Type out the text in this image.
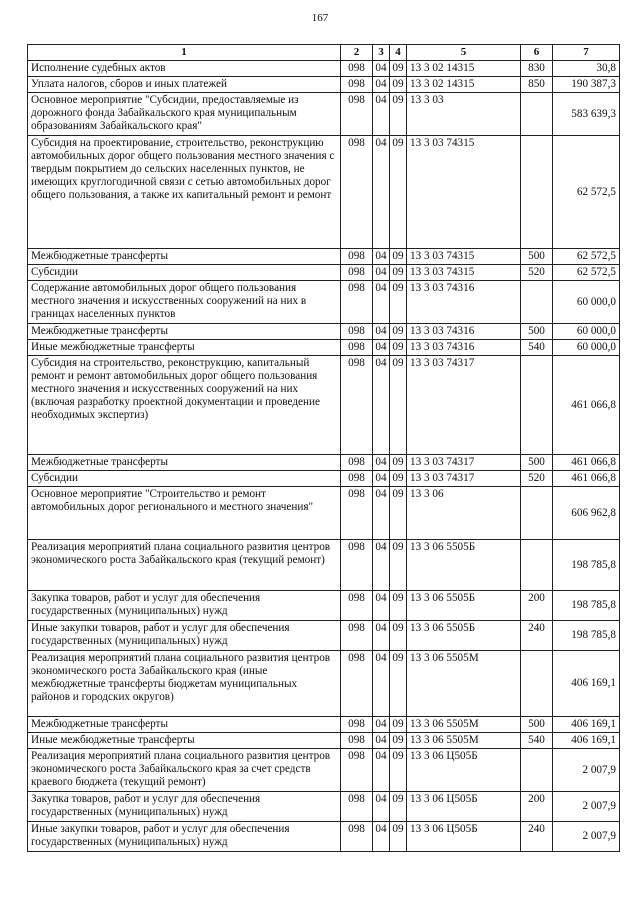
167
1	2	3	4	5	6	7
Исполнение судебных актов	098	04	09	13 3 02 14315	830	30,8
Уплата налогов, сборов и иных платежей	098	04	09	13 3 02 14315	850	190 387,3
Основное мероприятие "Субсидии, предоставляемые из дорожного фонда Забайкальского края муниципальным образованиям Забайкальского края"	098	04	09	13 3 03		583 639,3
Субсидия на проектирование, строительство, реконструкцию автомобильных дорог общего пользования местного значения с твердым покрытием до сельских населенных пунктов, не имеющих круглогодичной связи с сетью автомобильных дорог общего пользования, а также их капитальный ремонт и ремонт	098	04	09	13 3 03 74315		62 572,5
Межбюджетные трансферты	098	04	09	13 3 03 74315	500	62 572,5
Субсидии	098	04	09	13 3 03 74315	520	62 572,5
Содержание автомобильных дорог общего пользования местного значения и искусственных сооружений на них в границах населенных пунктов	098	04	09	13 3 03 74316		60 000,0
Межбюджетные трансферты	098	04	09	13 3 03 74316	500	60 000,0
Иные межбюджетные трансферты	098	04	09	13 3 03 74316	540	60 000,0
Субсидия на строительство, реконструкцию, капитальный ремонт и ремонт автомобильных дорог общего пользования местного значения и искусственных сооружений на них (включая разработку проектной документации и проведение необходимых экспертиз)	098	04	09	13 3 03 74317		461 066,8
Межбюджетные трансферты	098	04	09	13 3 03 74317	500	461 066,8
Субсидии	098	04	09	13 3 03 74317	520	461 066,8
Основное мероприятие "Строительство и ремонт автомобильных дорог регионального и местного значения"	098	04	09	13 3 06		606 962,8
Реализация мероприятий плана социального развития центров экономического роста Забайкальского края (текущий ремонт)	098	04	09	13 3 06 5505Б		198 785,8
Закупка товаров, работ и услуг для обеспечения государственных (муниципальных) нужд	098	04	09	13 3 06 5505Б	200	198 785,8
Иные закупки товаров, работ и услуг для обеспечения государственных (муниципальных) нужд	098	04	09	13 3 06 5505Б	240	198 785,8
Реализация мероприятий плана социального развития центров экономического роста Забайкальского края (иные межбюджетные трансферты бюджетам муниципальных районов и городских округов)	098	04	09	13 3 06 5505М		406 169,1
Межбюджетные трансферты	098	04	09	13 3 06 5505М	500	406 169,1
Иные межбюджетные трансферты	098	04	09	13 3 06 5505М	540	406 169,1
Реализация мероприятий плана социального развития центров экономического роста Забайкальского края за счет средств краевого бюджета (текущий ремонт)	098	04	09	13 3 06 Ц505Б		2 007,9
Закупка товаров, работ и услуг для обеспечения государственных (муниципальных) нужд	098	04	09	13 3 06 Ц505Б	200	2 007,9
Иные закупки товаров, работ и услуг для обеспечения государственных (муниципальных) нужд	098	04	09	13 3 06 Ц505Б	240	2 007,9
